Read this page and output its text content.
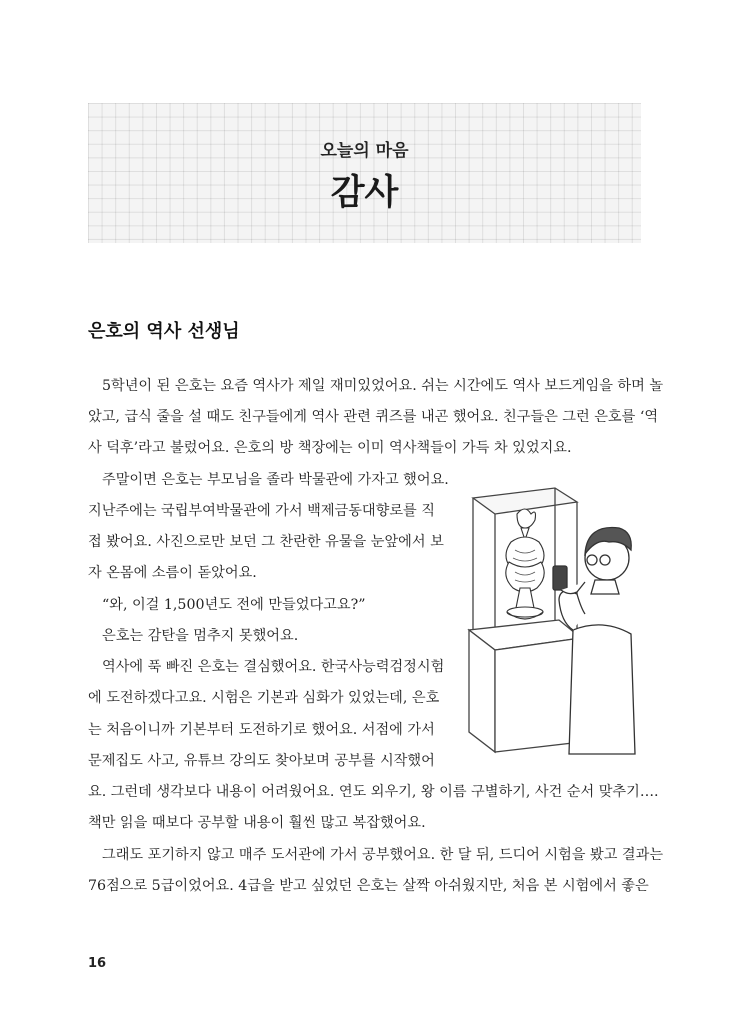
오늘의 마음
감사
은호의 역사 선생님
5학년이 된 은호는 요즘 역사가 제일 재미있었어요. 쉬는 시간에도 역사 보드게임을 하며 놀
았고, 급식 줄을 설 때도 친구들에게 역사 관련 퀴즈를 내곤 했어요. 친구들은 그런 은호를 ‘역
사 덕후’라고 불렀어요. 은호의 방 책장에는 이미 역사책들이 가득 차 있었지요.
주말이면 은호는 부모님을 졸라 박물관에 가자고 했어요.
지난주에는 국립부여박물관에 가서 백제금동대향로를 직
접 봤어요. 사진으로만 보던 그 찬란한 유물을 눈앞에서 보
자 온몸에 소름이 돋았어요.
“와, 이걸 1,500년도 전에 만들었다고요?”
은호는 감탄을 멈추지 못했어요.
역사에 푹 빠진 은호는 결심했어요. 한국사능력검정시험
에 도전하겠다고요. 시험은 기본과 심화가 있었는데, 은호
는 처음이니까 기본부터 도전하기로 했어요. 서점에 가서
문제집도 사고, 유튜브 강의도 찾아보며 공부를 시작했어
요. 그런데 생각보다 내용이 어려웠어요. 연도 외우기, 왕 이름 구별하기, 사건 순서 맞추기….
책만 읽을 때보다 공부할 내용이 훨씬 많고 복잡했어요.
그래도 포기하지 않고 매주 도서관에 가서 공부했어요. 한 달 뒤, 드디어 시험을 봤고 결과는
76점으로 5급이었어요. 4급을 받고 싶었던 은호는 살짝 아쉬웠지만, 처음 본 시험에서 좋은
16
